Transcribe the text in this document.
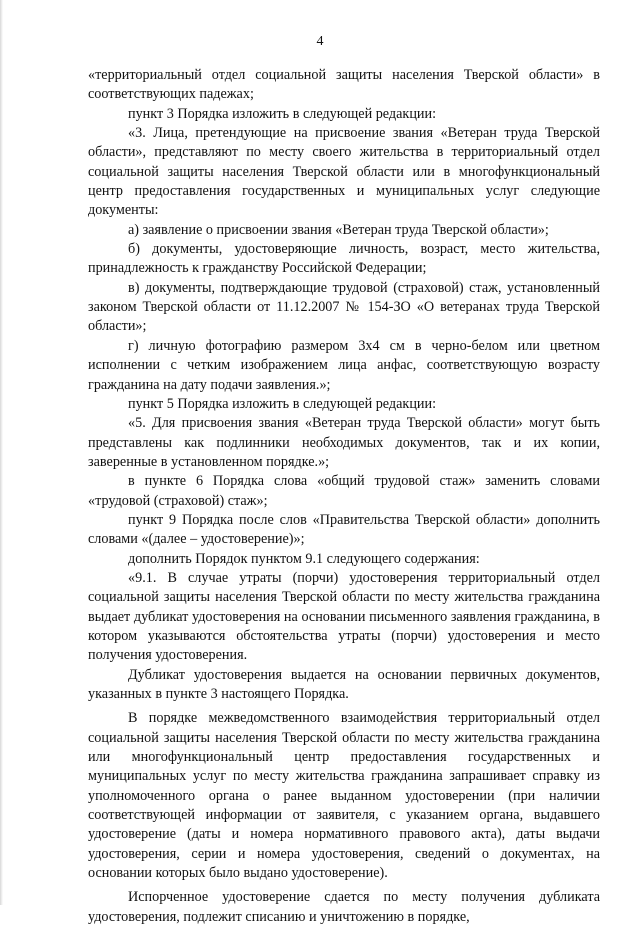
4

«территориальный отдел социальной защиты населения Тверской области» в соответствующих падежах;

пункт 3 Порядка изложить в следующей редакции:

«3. Лица, претендующие на присвоение звания «Ветеран труда Тверской области», представляют по месту своего жительства в территориальный отдел социальной защиты населения Тверской области или в многофункциональный центр предоставления государственных и муниципальных услуг следующие документы:

а) заявление о присвоении звания «Ветеран труда Тверской области»;

б) документы, удостоверяющие личность, возраст, место жительства, принадлежность к гражданству Российской Федерации;

в) документы, подтверждающие трудовой (страховой) стаж, установленный законом Тверской области от 11.12.2007 № 154-ЗО «О ветеранах труда Тверской области»;

г) личную фотографию размером 3х4 см в черно-белом или цветном исполнении с четким изображением лица анфас, соответствующую возрасту гражданина на дату подачи заявления.»;

пункт 5 Порядка изложить в следующей редакции:

«5. Для присвоения звания «Ветеран труда Тверской области» могут быть представлены как подлинники необходимых документов, так и их копии, заверенные в установленном порядке.»;

в пункте 6 Порядка слова «общий трудовой стаж» заменить словами «трудовой (страховой) стаж»;

пункт 9 Порядка после слов «Правительства Тверской области» дополнить словами «(далее – удостоверение)»;

дополнить Порядок пунктом 9.1 следующего содержания:

«9.1. В случае утраты (порчи) удостоверения территориальный отдел социальной защиты населения Тверской области по месту жительства гражданина выдает дубликат удостоверения на основании письменного заявления гражданина, в котором указываются обстоятельства утраты (порчи) удостоверения и место получения удостоверения.

Дубликат удостоверения выдается на основании первичных документов, указанных в пункте 3 настоящего Порядка.

В порядке межведомственного взаимодействия территориальный отдел социальной защиты населения Тверской области по месту жительства гражданина или многофункциональный центр предоставления государственных и муниципальных услуг по месту жительства гражданина запрашивает справку из уполномоченного органа о ранее выданном удостоверении (при наличии соответствующей информации от заявителя, с указанием органа, выдавшего удостоверение (даты и номера нормативного правового акта), даты выдачи удостоверения, серии и номера удостоверения, сведений о документах, на основании которых было выдано удостоверение).

Испорченное удостоверение сдается по месту получения дубликата удостоверения, подлежит списанию и уничтожению в порядке,
